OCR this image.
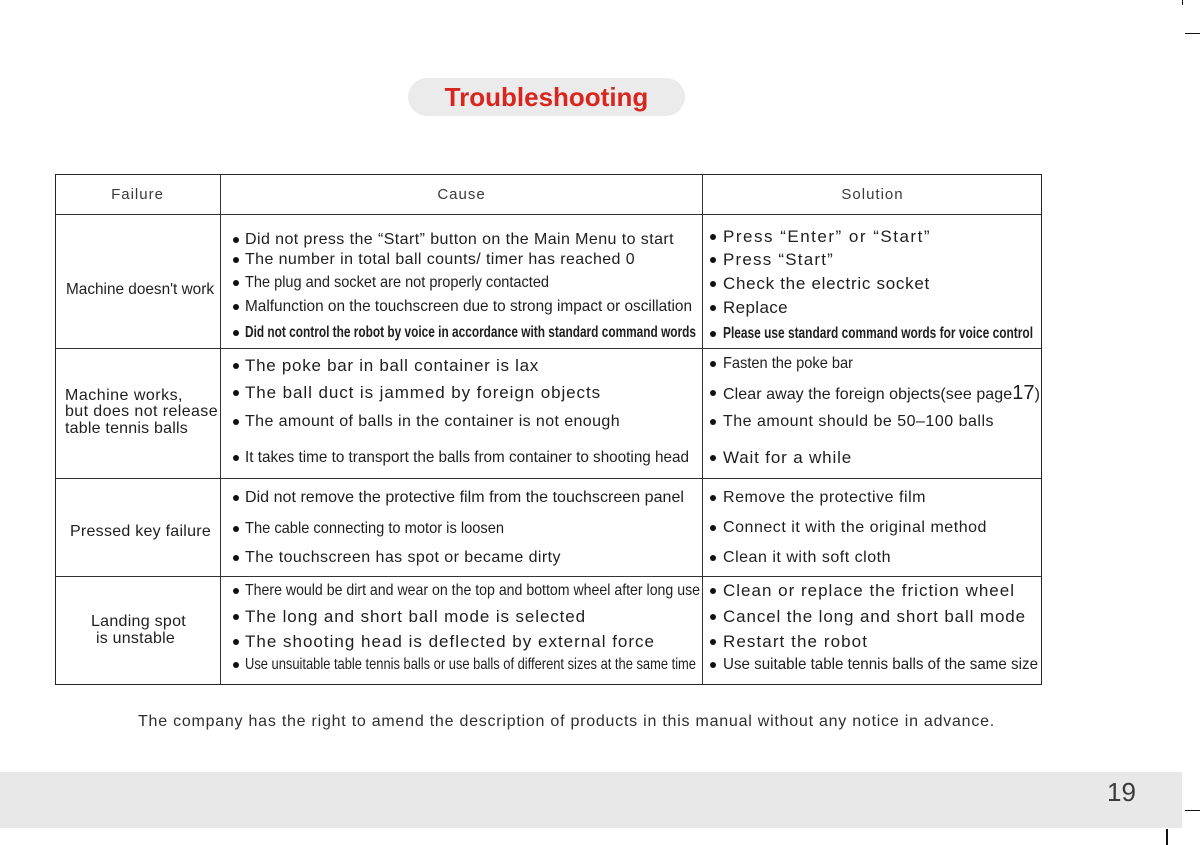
Troubleshooting
Failure	Cause	Solution
Machine doesn't work
Did not press the “Start” button on the Main Menu to start
The number in total ball counts/ timer has reached 0
The plug and socket are not properly contacted
Malfunction on the touchscreen due to strong impact or oscillation
Did not control the robot by voice in accordance with standard command words
Press “Enter” or “Start”
Press “Start”
Check the electric socket
Replace
Please use standard command words for voice control
Machine works,
but does not release
table tennis balls
The poke bar in ball container is lax
The ball duct is jammed by foreign objects
The amount of balls in the container is not enough
It takes time to transport the balls from container to shooting head
Fasten the poke bar
Clear away the foreign objects(see page17)
The amount should be 50–100 balls
Wait for a while
Pressed key failure
Did not remove the protective film from the touchscreen panel
The cable connecting to motor is loosen
The touchscreen has spot or became dirty
Remove the protective film
Connect it with the original method
Clean it with soft cloth
Landing spot
is unstable
There would be dirt and wear on the top and bottom wheel after long use
The long and short ball mode is selected
The shooting head is deflected by external force
Use unsuitable table tennis balls or use balls of different sizes at the same time
Clean or replace the friction wheel
Cancel the long and short ball mode
Restart the robot
Use suitable table tennis balls of the same size
The company has the right to amend the description of products in this manual without any notice in advance.
19
